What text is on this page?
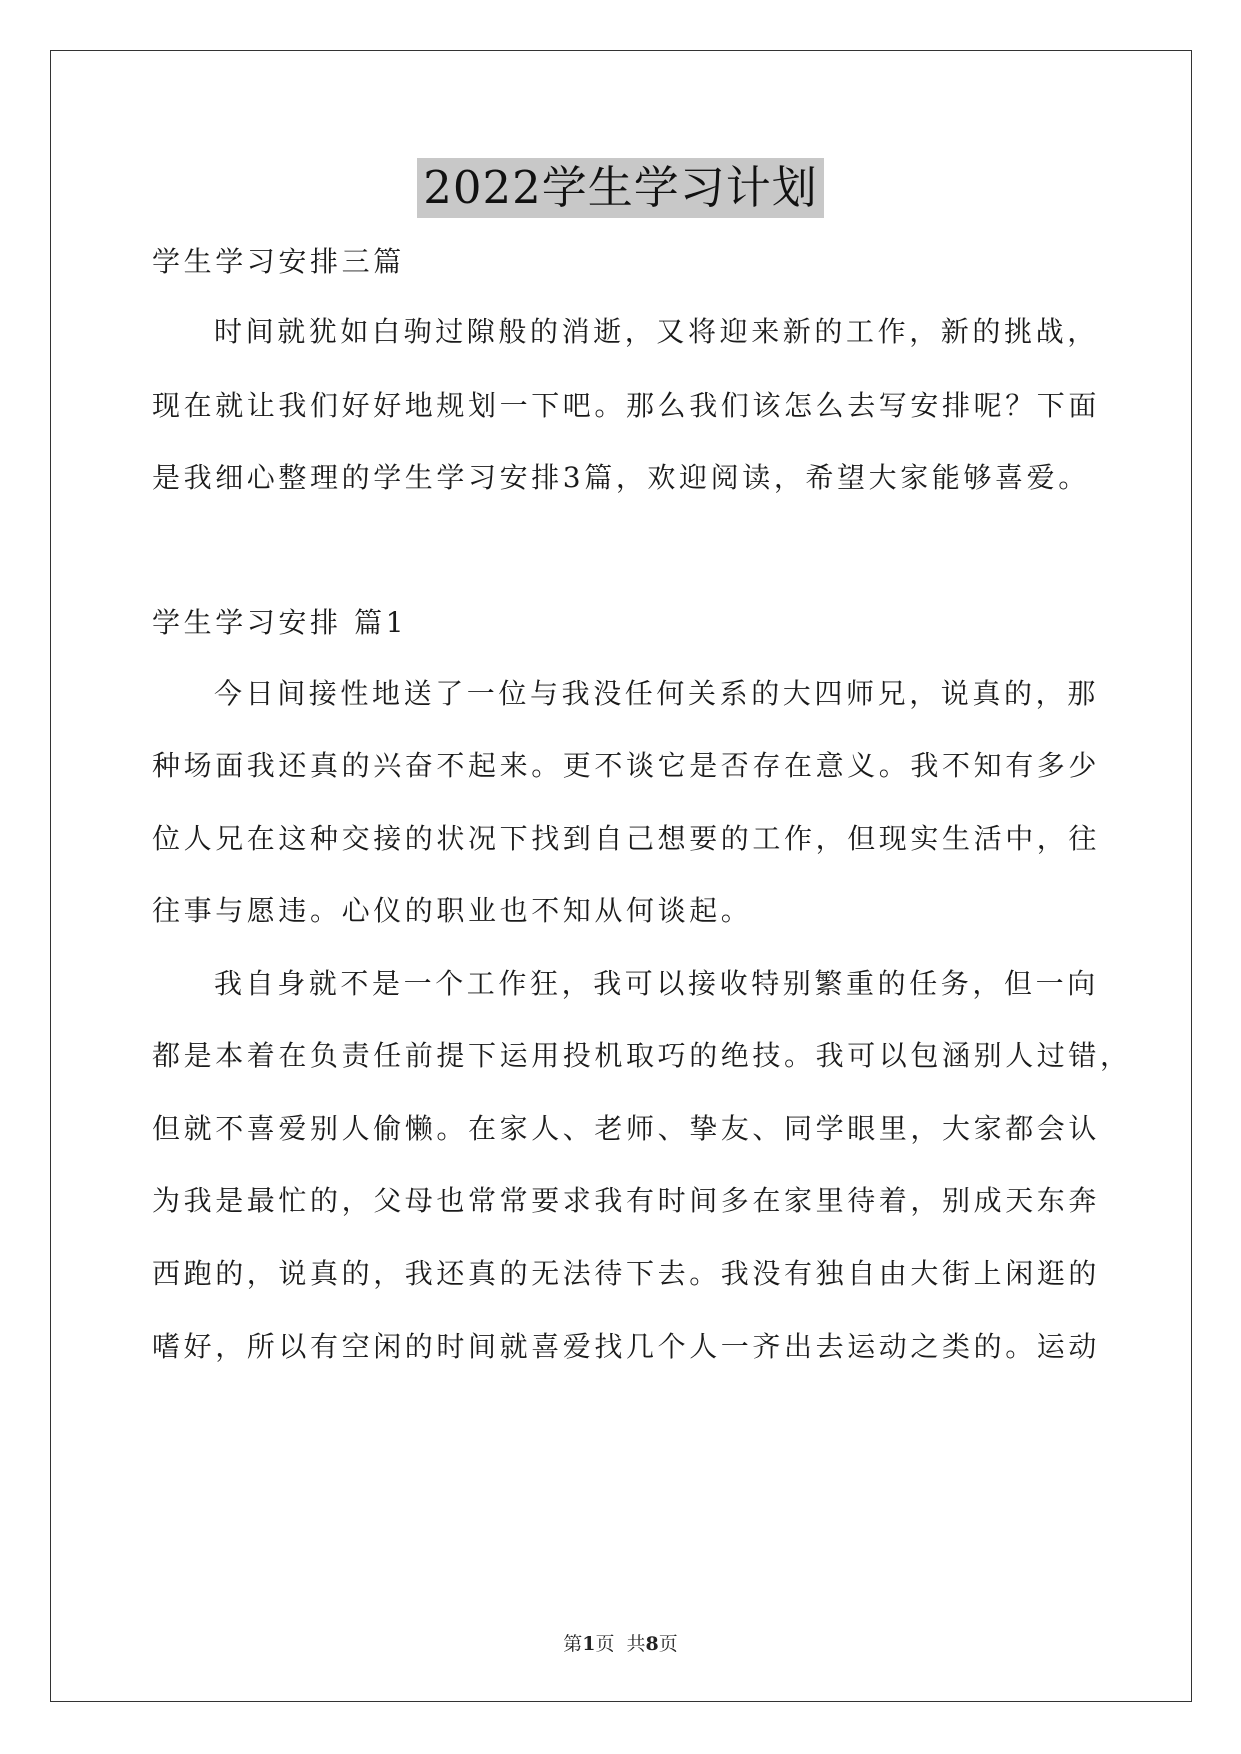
2022学生学习计划

学生学习安排三篇

时间就犹如白驹过隙般的消逝，又将迎来新的工作，新的挑战，

现在就让我们好好地规划一下吧。那么我们该怎么去写安排呢？下面

是我细心整理的学生学习安排3篇，欢迎阅读，希望大家能够喜爱。

学生学习安排 篇1

今日间接性地送了一位与我没任何关系的大四师兄，说真的，那

种场面我还真的兴奋不起来。更不谈它是否存在意义。我不知有多少

位人兄在这种交接的状况下找到自己想要的工作，但现实生活中，往

往事与愿违。心仪的职业也不知从何谈起。

我自身就不是一个工作狂，我可以接收特别繁重的任务，但一向

都是本着在负责任前提下运用投机取巧的绝技。我可以包涵别人过错，

但就不喜爱别人偷懒。在家人、老师、挚友、同学眼里，大家都会认

为我是最忙的，父母也常常要求我有时间多在家里待着，别成天东奔

西跑的，说真的，我还真的无法待下去。我没有独自由大街上闲逛的

嗜好，所以有空闲的时间就喜爱找几个人一齐出去运动之类的。运动

第1页  共8页
